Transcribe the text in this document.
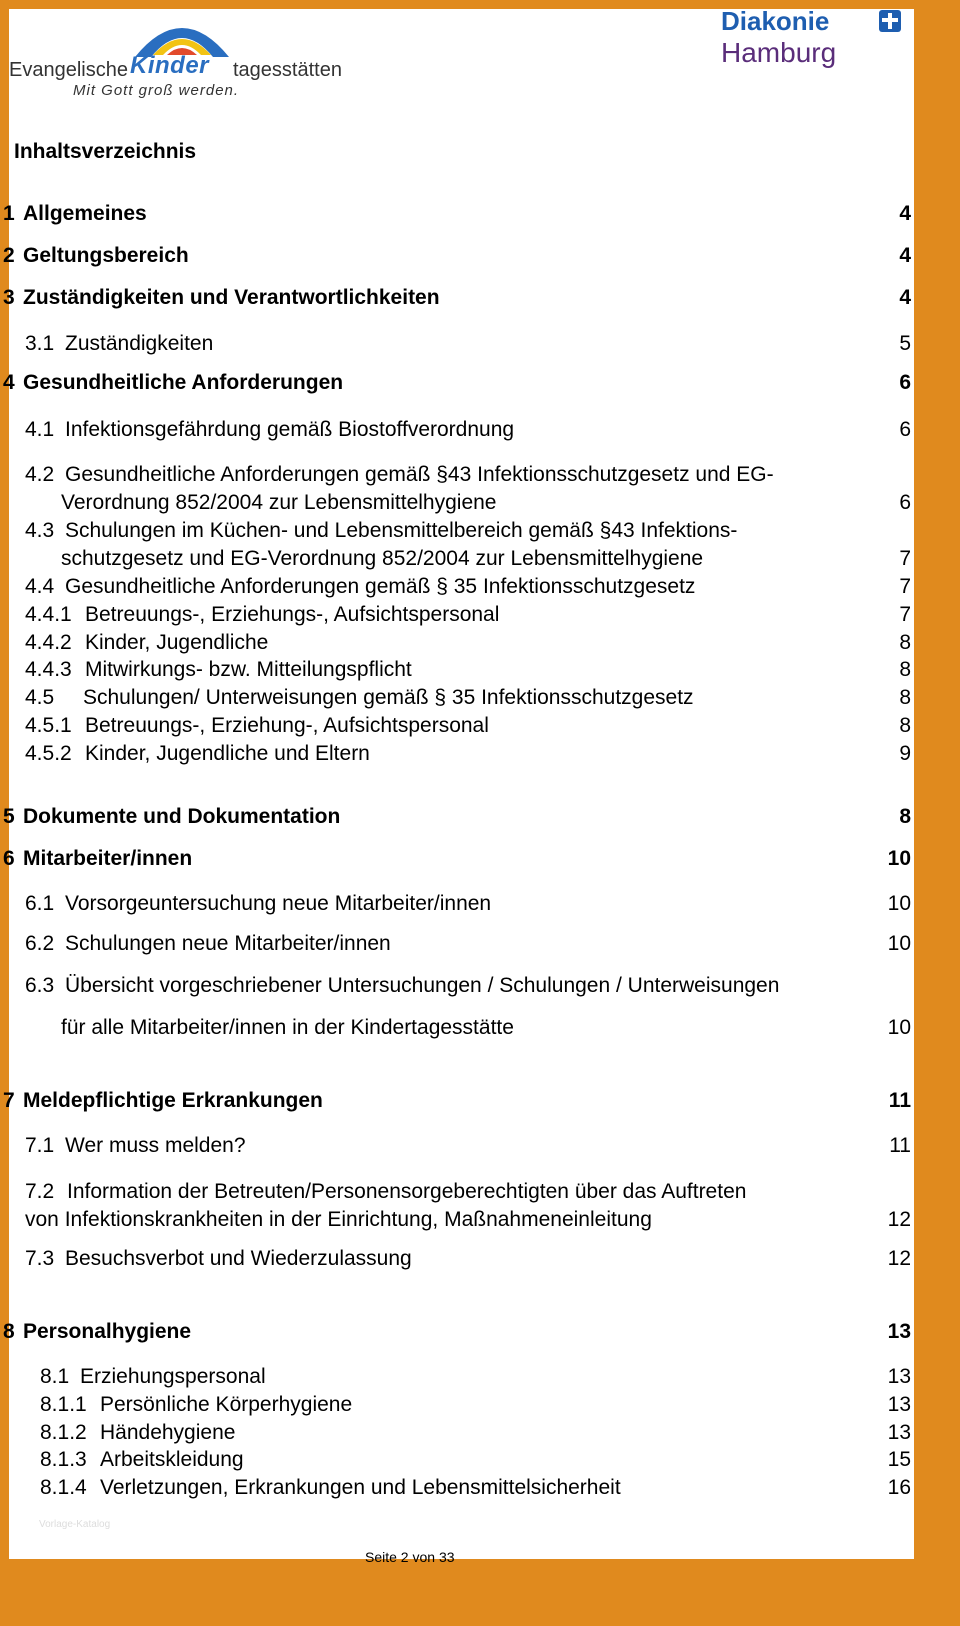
Evangelische Kinder tagesstätten
Mit Gott groß werden.
Diakonie
Hamburg
Inhaltsverzeichnis
1 Allgemeines	4
2 Geltungsbereich	4
3 Zuständigkeiten und Verantwortlichkeiten	4
3.1 Zuständigkeiten	5
4 Gesundheitliche Anforderungen	6
4.1 Infektionsgefährdung gemäß Biostoffverordnung	6
4.2 Gesundheitliche Anforderungen gemäß §43 Infektionsschutzgesetz und EG-
Verordnung 852/2004 zur Lebensmittelhygiene	6
4.3 Schulungen im Küchen- und Lebensmittelbereich gemäß §43 Infektions-
schutzgesetz und EG-Verordnung 852/2004 zur Lebensmittelhygiene	7
4.4 Gesundheitliche Anforderungen gemäß § 35 Infektionsschutzgesetz	7
4.4.1 Betreuungs-, Erziehungs-, Aufsichtspersonal	7
4.4.2 Kinder, Jugendliche	8
4.4.3 Mitwirkungs- bzw. Mitteilungspflicht	8
4.5 Schulungen/ Unterweisungen gemäß § 35 Infektionsschutzgesetz	8
4.5.1 Betreuungs-, Erziehung-, Aufsichtspersonal	8
4.5.2 Kinder, Jugendliche und Eltern	9
5 Dokumente und Dokumentation	8
6 Mitarbeiter/innen	10
6.1 Vorsorgeuntersuchung neue Mitarbeiter/innen	10
6.2 Schulungen neue Mitarbeiter/innen	10
6.3 Übersicht vorgeschriebener Untersuchungen / Schulungen / Unterweisungen
für alle Mitarbeiter/innen in der Kindertagesstätte	10
7 Meldepflichtige Erkrankungen	11
7.1 Wer muss melden?	11
7.2 Information der Betreuten/Personensorgeberechtigten über das Auftreten
von Infektionskrankheiten in der Einrichtung, Maßnahmeneinleitung	12
7.3 Besuchsverbot und Wiederzulassung	12
8 Personalhygiene	13
8.1 Erziehungspersonal	13
8.1.1 Persönliche Körperhygiene	13
8.1.2 Händehygiene	13
8.1.3 Arbeitskleidung	15
8.1.4 Verletzungen, Erkrankungen und Lebensmittelsicherheit	16
Vorlage-Katalog
Seite 2 von 33
